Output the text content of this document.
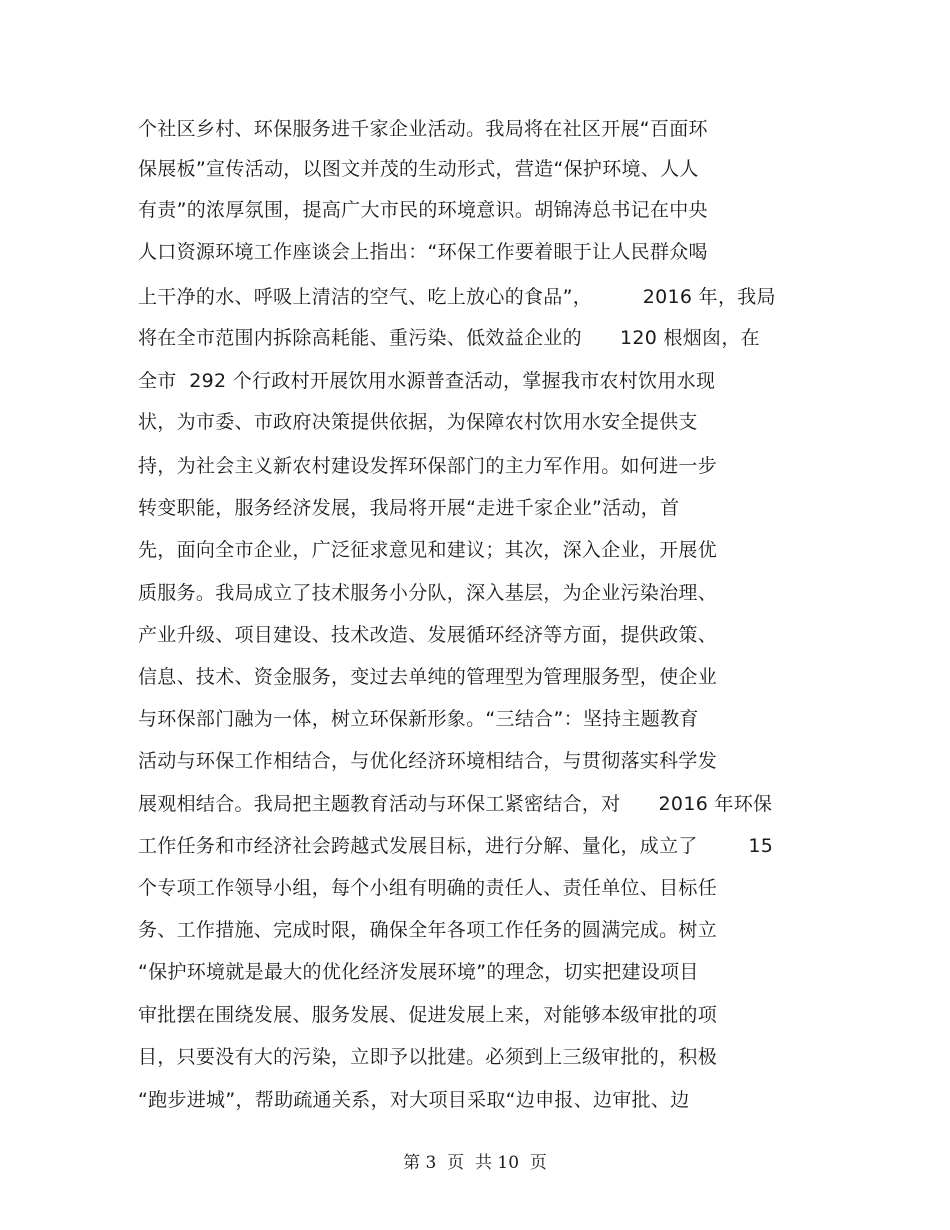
个社区乡村、环保服务进千家企业活动。我局将在社区开展“百面环
保展板”宣传活动，以图文并茂的生动形式，营造“保护环境、人人
有责”的浓厚氛围，提高广大市民的环境意识。胡锦涛总书记在中央
人口资源环境工作座谈会上指出：“环保工作要着眼于让人民群众喝
上干净的水、呼吸上清洁的空气、吃上放心的食品”，        2016 年，我局
将在全市范围内拆除高耗能、重污染、低效益企业的      120 根烟囱，在
全市  292 个行政村开展饮用水源普查活动，掌握我市农村饮用水现
状，为市委、市政府决策提供依据，为保障农村饮用水安全提供支
持，为社会主义新农村建设发挥环保部门的主力军作用。如何进一步
转变职能，服务经济发展，我局将开展“走进千家企业”活动，首
先，面向全市企业，广泛征求意见和建议；其次，深入企业，开展优
质服务。我局成立了技术服务小分队，深入基层，为企业污染治理、
产业升级、项目建设、技术改造、发展循环经济等方面，提供政策、
信息、技术、资金服务，变过去单纯的管理型为管理服务型，使企业
与环保部门融为一体，树立环保新形象。“三结合”：坚持主题教育
活动与环保工作相结合，与优化经济环境相结合，与贯彻落实科学发
展观相结合。我局把主题教育活动与环保工紧密结合，对      2016 年环保
工作任务和市经济社会跨越式发展目标，进行分解、量化，成立了        15
个专项工作领导小组，每个小组有明确的责任人、责任单位、目标任
务、工作措施、完成时限，确保全年各项工作任务的圆满完成。树立
“保护环境就是最大的优化经济发展环境”的理念，切实把建设项目
审批摆在围绕发展、服务发展、促进发展上来，对能够本级审批的项
目，只要没有大的污染，立即予以批建。必须到上三级审批的，积极
“跑步进城”，帮助疏通关系，对大项目采取“边申报、边审批、边
第 3  页  共 10  页
